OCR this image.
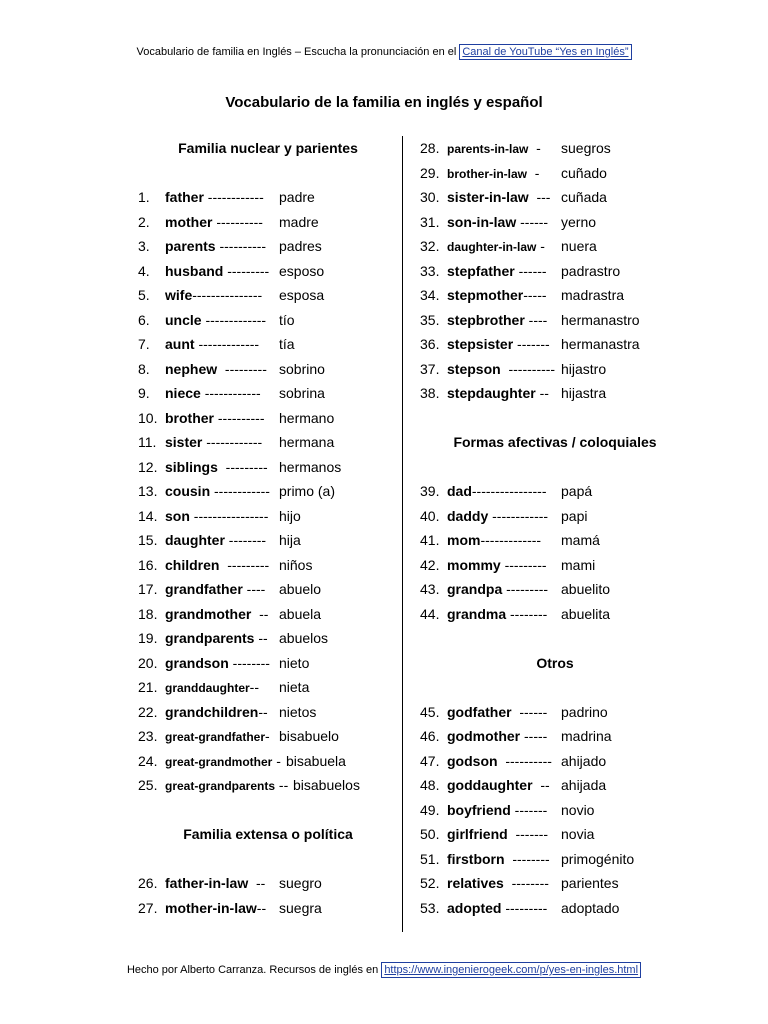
Vocabulario de familia en Inglés – Escucha la pronunciación en el Canal de YouTube “Yes en Inglés”
Vocabulario de la familia en inglés y español
Familia nuclear y parientes
1. father ------------ padre
2. mother ---------- madre
3. parents ---------- padres
4. husband --------- esposo
5. wife--------------- esposa
6. uncle ------------- tío
7. aunt ------------- tía
8. nephew  --------- sobrino
9. niece ------------ sobrina
10. brother ---------- hermano
11. sister ------------ hermana
12. siblings  --------- hermanos
13. cousin ------------ primo (a)
14. son ---------------- hijo
15. daughter -------- hija
16. children  --------- niños
17. grandfather ---- abuelo
18. grandmother  -- abuela
19. grandparents -- abuelos
20. grandson -------- nieto
21. granddaughter-- nieta
22. grandchildren-- nietos
23. great-grandfather- bisabuelo
24. great-grandmother - bisabuela
25. great-grandparents -- bisabuelos
Familia extensa o política
26. father-in-law  -- suegro
27. mother-in-law-- suegra
28. parents-in-law  - suegros
29. brother-in-law  - cuñado
30. sister-in-law  --- cuñada
31. son-in-law ------ yerno
32. daughter-in-law - nuera
33. stepfather ------ padrastro
34. stepmother----- madrastra
35. stepbrother ---- hermanastro
36. stepsister ------- hermanastra
37. stepson  ---------- hijastro
38. stepdaughter -- hijastra
Formas afectivas / coloquiales
39. dad---------------- papá
40. daddy ------------ papi
41. mom------------- mamá
42. mommy --------- mami
43. grandpa --------- abuelito
44. grandma -------- abuelita
Otros
45. godfather  ------ padrino
46. godmother ----- madrina
47. godson  ---------- ahijado
48. goddaughter  -- ahijada
49. boyfriend ------- novio
50. girlfriend  ------- novia
51. firstborn  -------- primogénito
52. relatives  -------- parientes
53. adopted --------- adoptado
Hecho por Alberto Carranza. Recursos de inglés en https://www.ingenierogeek.com/p/yes-en-ingles.html
